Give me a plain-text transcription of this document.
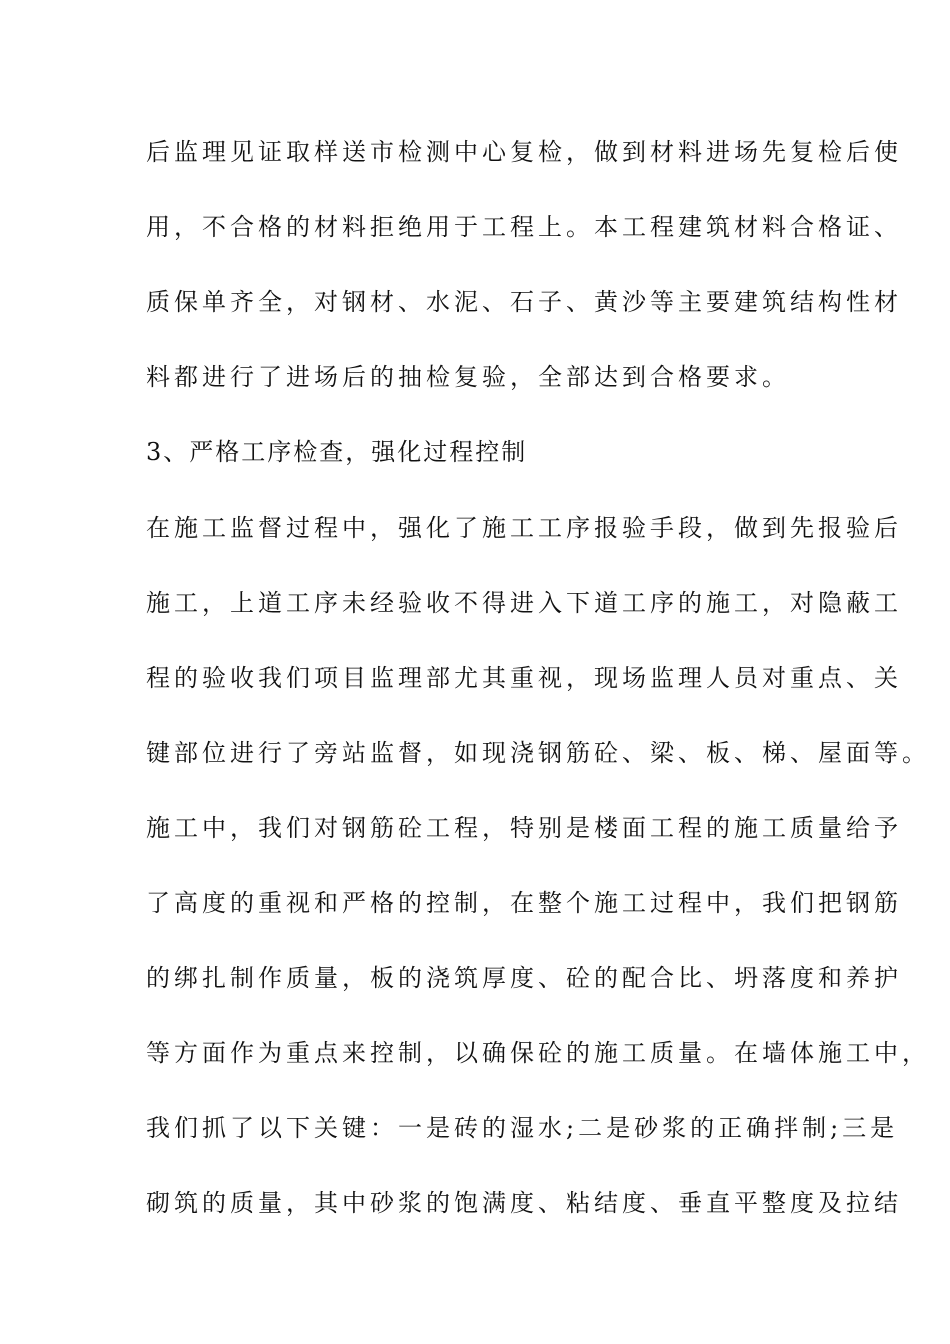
后监理见证取样送市检测中心复检，做到材料进场先复检后使
用，不合格的材料拒绝用于工程上。本工程建筑材料合格证、
质保单齐全，对钢材、水泥、石子、黄沙等主要建筑结构性材
料都进行了进场后的抽检复验，全部达到合格要求。
3、严格工序检查，强化过程控制
在施工监督过程中，强化了施工工序报验手段，做到先报验后
施工，上道工序未经验收不得进入下道工序的施工，对隐蔽工
程的验收我们项目监理部尤其重视，现场监理人员对重点、关
键部位进行了旁站监督，如现浇钢筋砼、梁、板、梯、屋面等。
施工中，我们对钢筋砼工程，特别是楼面工程的施工质量给予
了高度的重视和严格的控制，在整个施工过程中，我们把钢筋
的绑扎制作质量，板的浇筑厚度、砼的配合比、坍落度和养护
等方面作为重点来控制，以确保砼的施工质量。在墙体施工中，
我们抓了以下关键：一是砖的湿水;二是砂浆的正确拌制;三是
砌筑的质量，其中砂浆的饱满度、粘结度、垂直平整度及拉结
